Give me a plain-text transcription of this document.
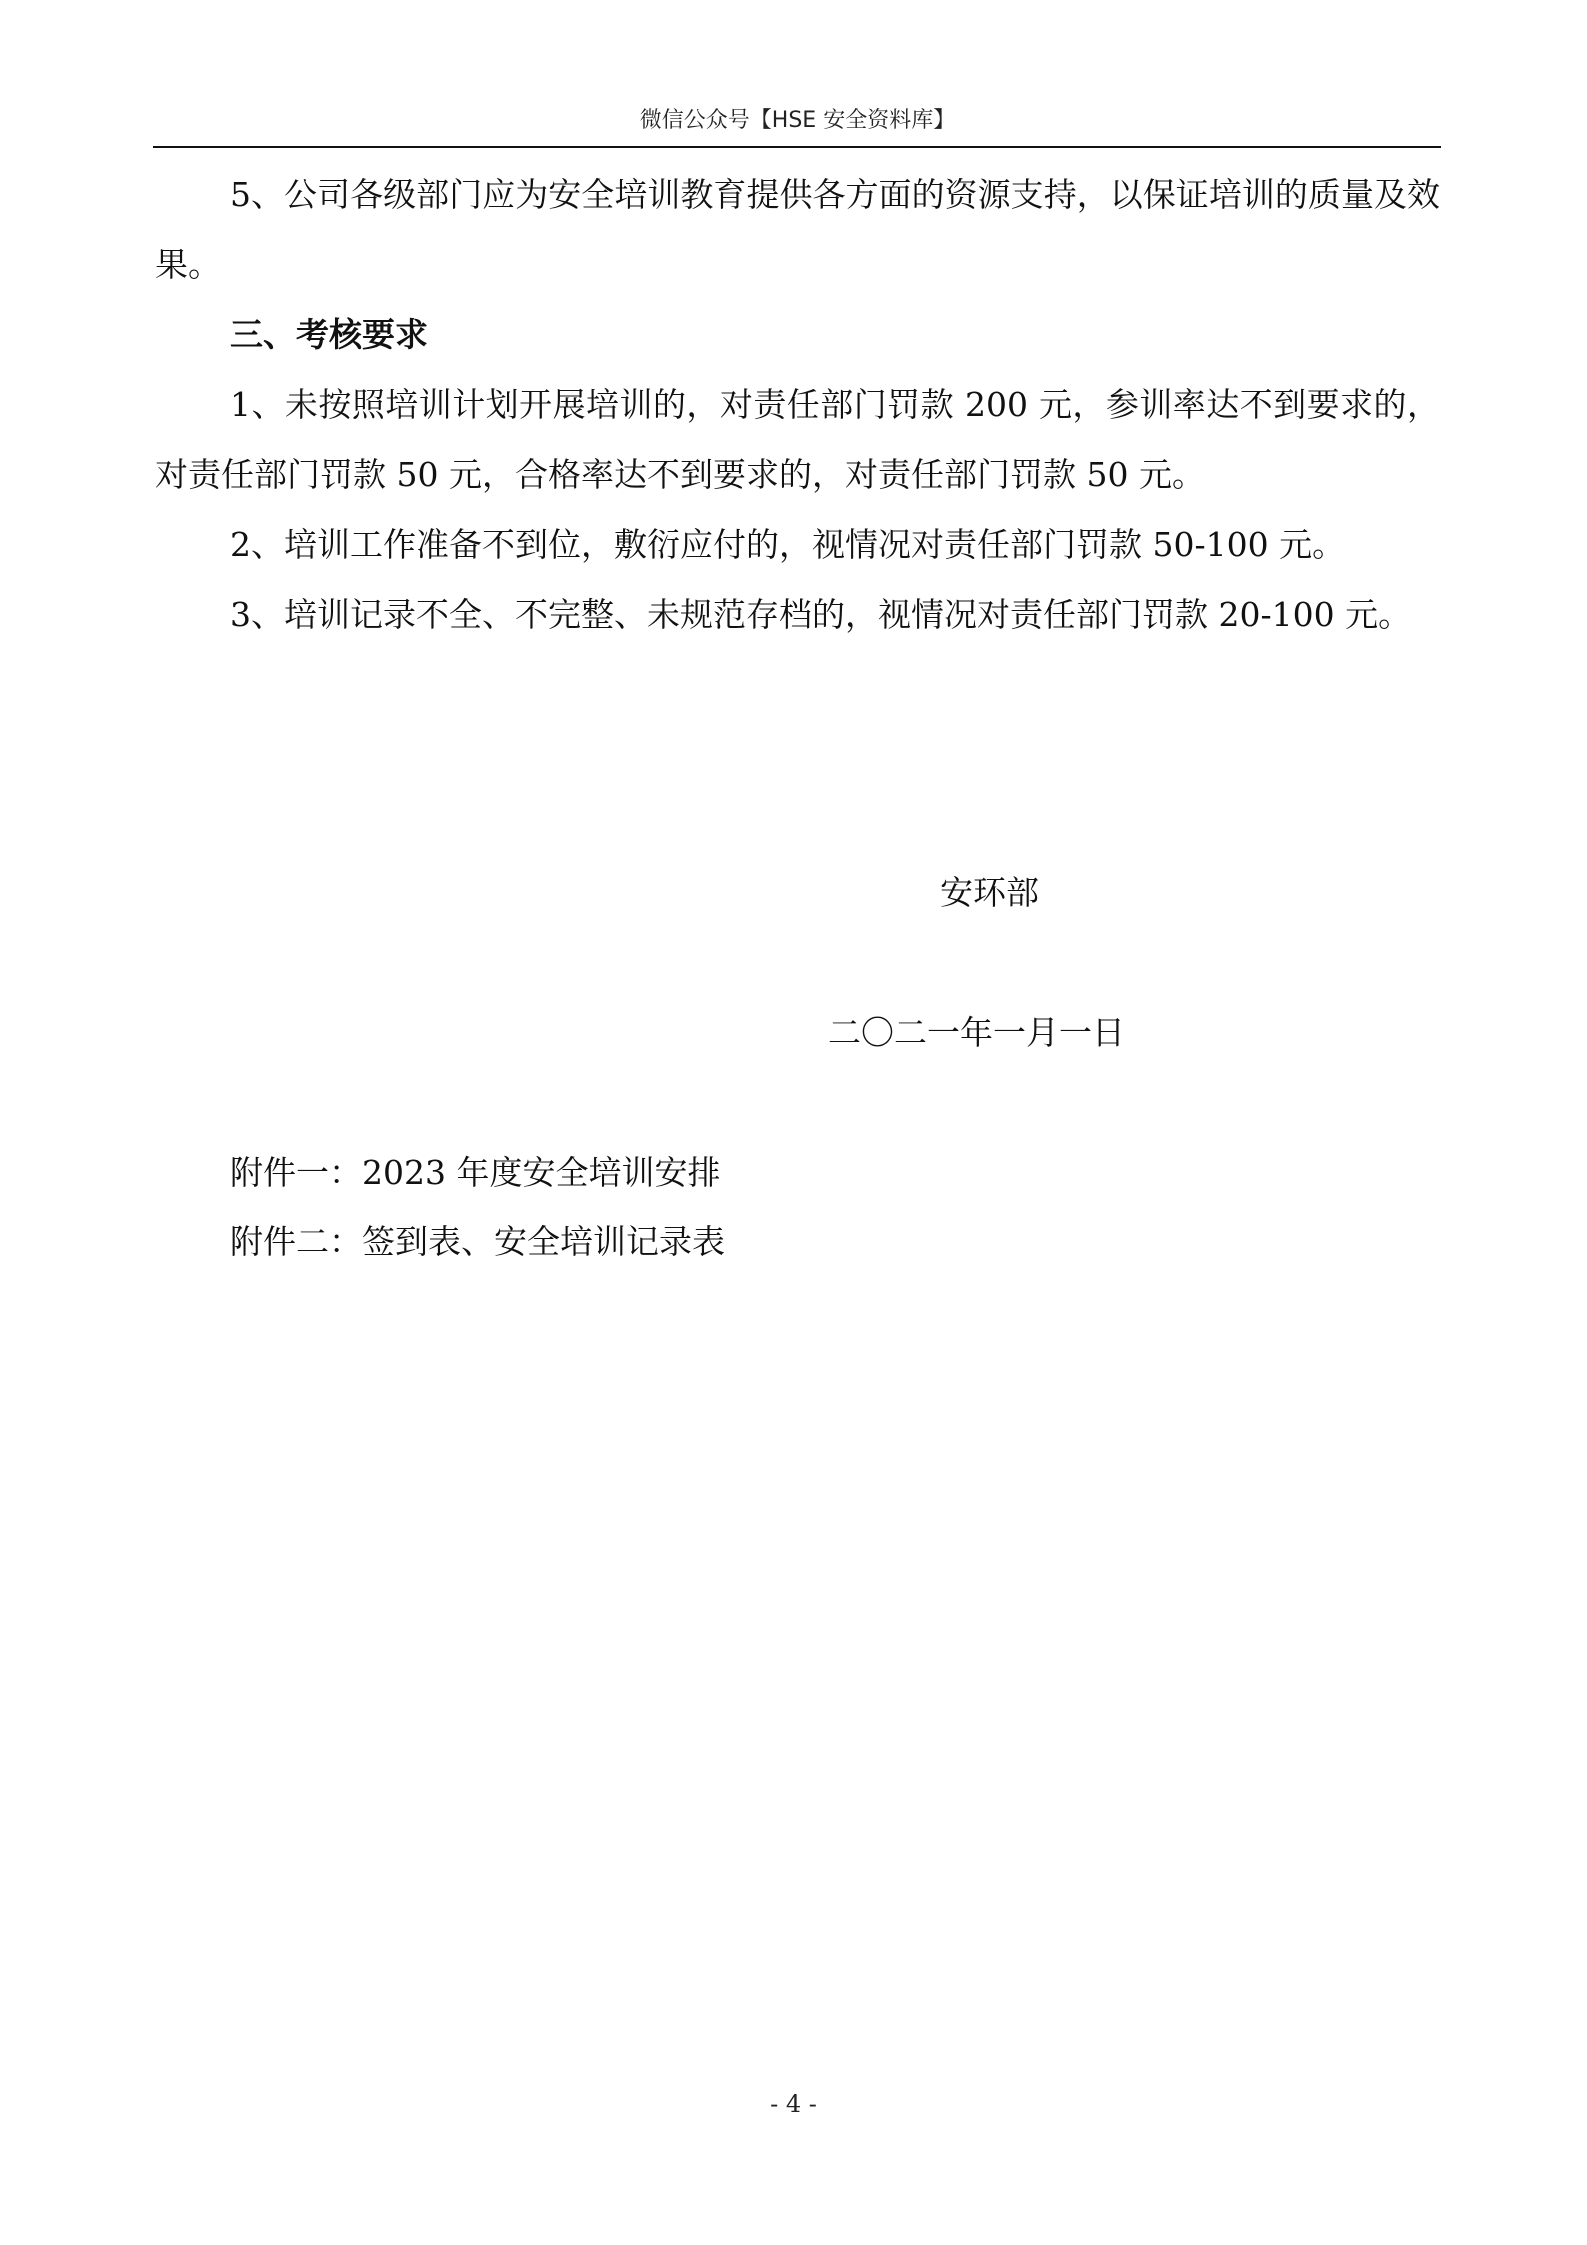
微信公众号【HSE 安全资料库】

5、公司各级部门应为安全培训教育提供各方面的资源支持，以保证培训的质量及效果。

三、考核要求

1、未按照培训计划开展培训的，对责任部门罚款 200 元，参训率达不到要求的，对责任部门罚款 50 元，合格率达不到要求的，对责任部门罚款 50 元。

2、培训工作准备不到位，敷衍应付的，视情况对责任部门罚款 50-100 元。

3、培训记录不全、不完整、未规范存档的，视情况对责任部门罚款 20-100 元。

安环部
二〇二一年一月一日
附件一：2023 年度安全培训安排
附件二：签到表、安全培训记录表
- 4 -
